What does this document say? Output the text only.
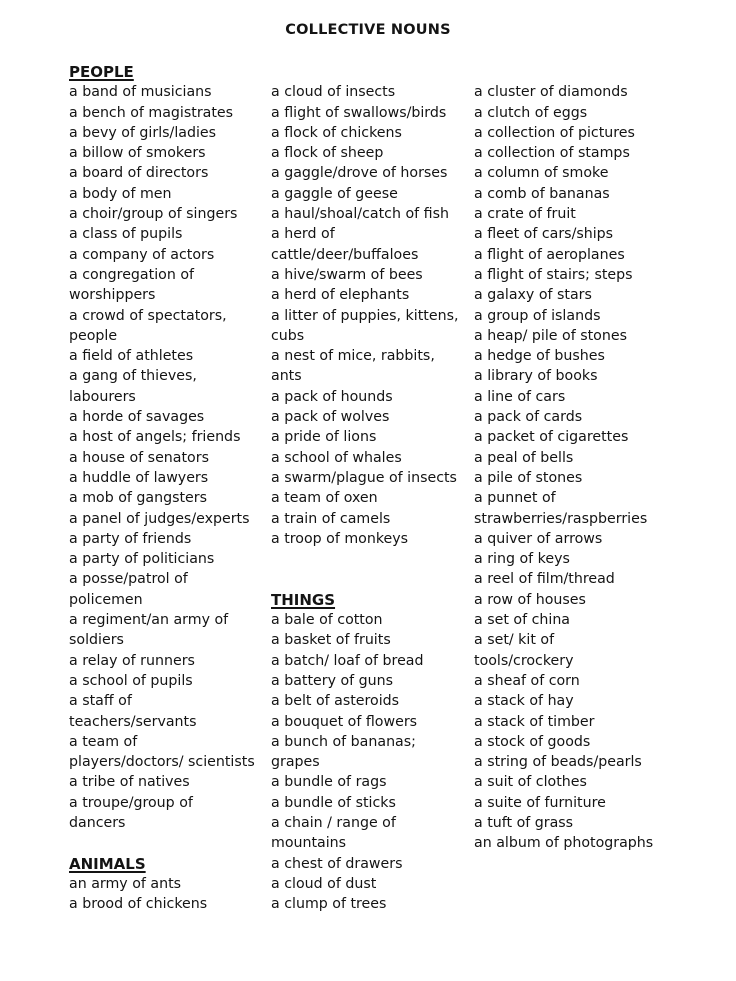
COLLECTIVE NOUNS
PEOPLE
a band of musicians
a bench of magistrates
a bevy of girls/ladies
a billow of smokers
a board of directors
a body of men
a choir/group of singers
a class of pupils
a company of actors
a congregation of
worshippers
a crowd of spectators,
people
a field of athletes
a gang of thieves,
labourers
a horde of savages
a host of angels; friends
a house of senators
a huddle of lawyers
a mob of gangsters
a panel of judges/experts
a party of friends
a party of politicians
a posse/patrol of
policemen
a regiment/an army of
soldiers
a relay of runners
a school of pupils
a staff of
teachers/servants
a team of
players/doctors/ scientists
a tribe of natives
a troupe/group of
dancers
ANIMALS
an army of ants
a brood of chickens
a cloud of insects
a flight of swallows/birds
a flock of chickens
a flock of sheep
a gaggle/drove of horses
a gaggle of geese
a haul/shoal/catch of fish
a herd of
cattle/deer/buffaloes
a hive/swarm of bees
a herd of elephants
a litter of puppies, kittens,
cubs
a nest of mice, rabbits,
ants
a pack of hounds
a pack of wolves
a pride of lions
a school of whales
a swarm/plague of insects
a team of oxen
a train of camels
a troop of monkeys
THINGS
a bale of cotton
a basket of fruits
a batch/ loaf of bread
a battery of guns
a belt of asteroids
a bouquet of flowers
a bunch of bananas;
grapes
a bundle of rags
a bundle of sticks
a chain / range of
mountains
a chest of drawers
a cloud of dust
a clump of trees
a cluster of diamonds
a clutch of eggs
a collection of pictures
a collection of stamps
a column of smoke
a comb of bananas
a crate of fruit
a fleet of cars/ships
a flight of aeroplanes
a flight of stairs; steps
a galaxy of stars
a group of islands
a heap/ pile of stones
a hedge of bushes
a library of books
a line of cars
a pack of cards
a packet of cigarettes
a peal of bells
a pile of stones
a punnet of
strawberries/raspberries
a quiver of arrows
a ring of keys
a reel of film/thread
a row of houses
a set of china
a set/ kit of
tools/crockery
a sheaf of corn
a stack of hay
a stack of timber
a stock of goods
a string of beads/pearls
a suit of clothes
a suite of furniture
a tuft of grass
an album of photographs
